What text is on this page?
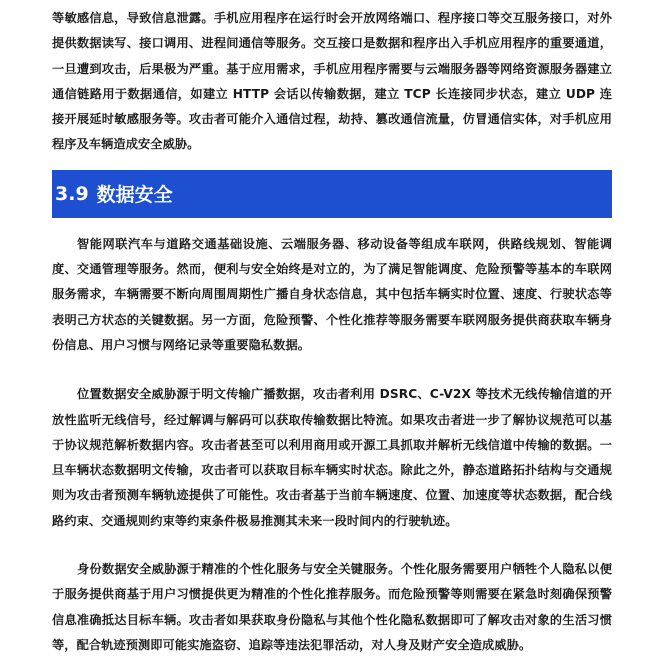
等敏感信息，导致信息泄露。手机应用程序在运行时会开放网络端口、程序接口等交互服务接口，对外提供数据读写、接口调用、进程间通信等服务。交互接口是数据和程序出入手机应用程序的重要通道，一旦遭到攻击，后果极为严重。基于应用需求，手机应用程序需要与云端服务器等网络资源服务器建立通信链路用于数据通信，如建立 HTTP 会话以传输数据，建立 TCP 长连接同步状态，建立 UDP 连接开展延时敏感服务等。攻击者可能介入通信过程，劫持、篡改通信流量，仿冒通信实体，对手机应用程序及车辆造成安全威胁。

3.9 数据安全

智能网联汽车与道路交通基础设施、云端服务器、移动设备等组成车联网，供路线规划、智能调度、交通管理等服务。然而，便利与安全始终是对立的，为了满足智能调度、危险预警等基本的车联网服务需求，车辆需要不断向周围周期性广播自身状态信息，其中包括车辆实时位置、速度、行驶状态等表明己方状态的关键数据。另一方面，危险预警、个性化推荐等服务需要车联网服务提供商获取车辆身份信息、用户习惯与网络记录等重要隐私数据。

位置数据安全威胁源于明文传输广播数据，攻击者利用 DSRC、C-V2X 等技术无线传输信道的开放性监听无线信号，经过解调与解码可以获取传输数据比特流。如果攻击者进一步了解协议规范可以基于协议规范解析数据内容。攻击者甚至可以利用商用或开源工具抓取并解析无线信道中传输的数据。一旦车辆状态数据明文传输，攻击者可以获取目标车辆实时状态。除此之外，静态道路拓扑结构与交通规则为攻击者预测车辆轨迹提供了可能性。攻击者基于当前车辆速度、位置、加速度等状态数据，配合线路约束、交通规则约束等约束条件极易推测其未来一段时间内的行驶轨迹。

身份数据安全威胁源于精准的个性化服务与安全关键服务。个性化服务需要用户牺牲个人隐私以便于服务提供商基于用户习惯提供更为精准的个性化推荐服务。而危险预警等则需要在紧急时刻确保预警信息准确抵达目标车辆。攻击者如果获取身份隐私与其他个性化隐私数据即可了解攻击对象的生活习惯等，配合轨迹预测即可能实施盗窃、追踪等违法犯罪活动，对人身及财产安全造成威胁。
